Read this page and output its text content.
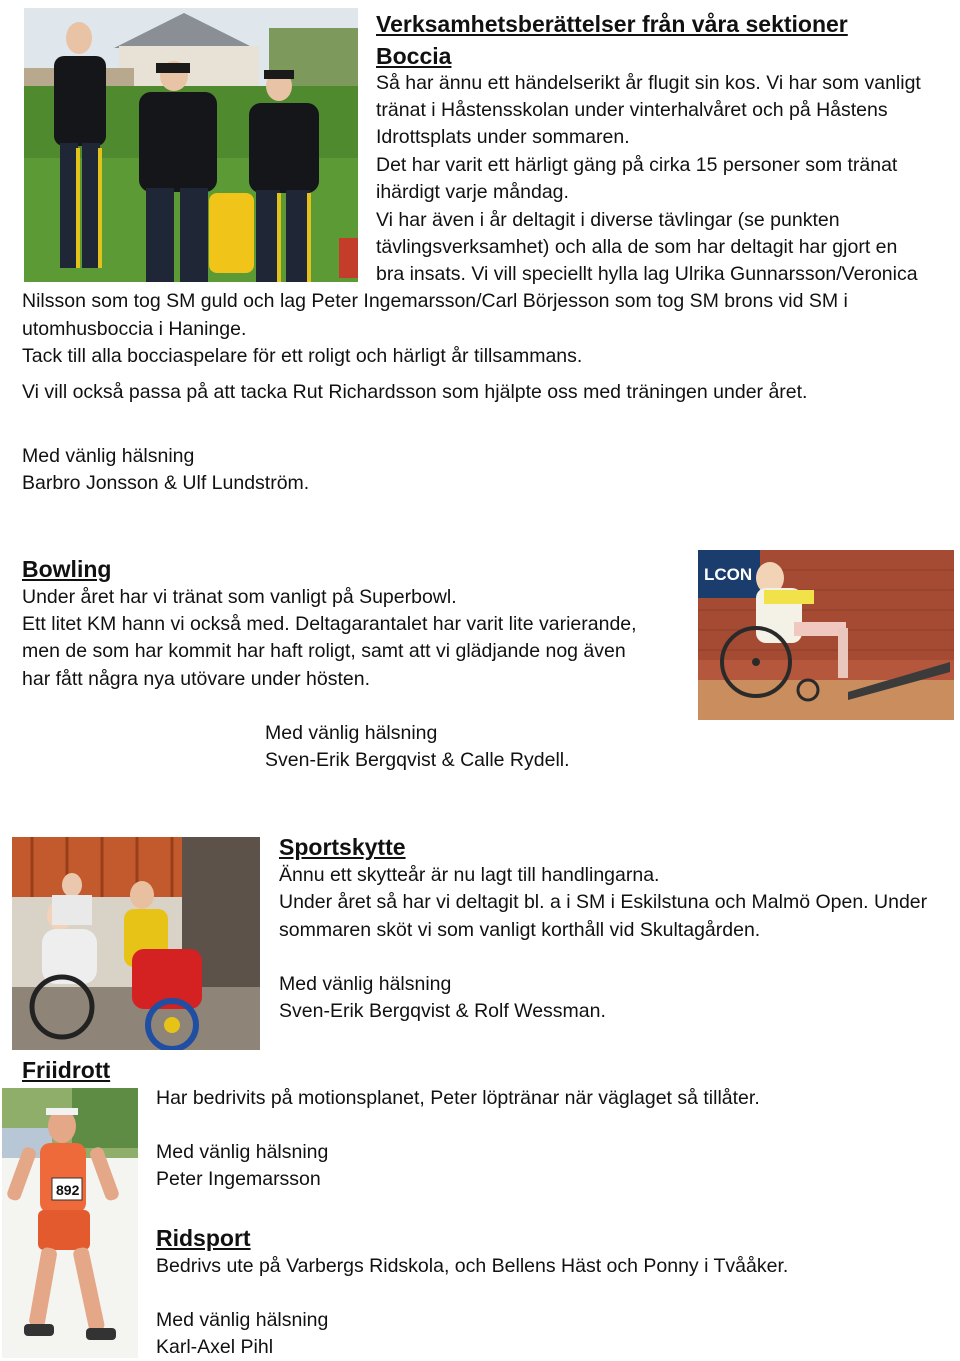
Verksamhetsberättelser från våra sektioner
Boccia
Så har ännu ett händelserikt år flugit sin kos. Vi har som vanligt
tränat i Håstensskolan under vinterhalvåret och på Håstens
Idrottsplats under sommaren.
Det har varit ett härligt gäng på cirka 15 personer som tränat
ihärdigt varje måndag.
Vi har även i år deltagit i diverse tävlingar (se punkten
tävlingsverksamhet) och alla de som har deltagit har gjort en
bra insats. Vi vill speciellt hylla lag Ulrika Gunnarsson/Veronica
Nilsson som tog SM guld och lag Peter Ingemarsson/Carl Börjesson som tog SM brons vid SM i
utomhusboccia i Haninge.
Tack till alla bocciaspelare för ett roligt och härligt år tillsammans.
Vi vill också passa på att tacka Rut Richardsson som hjälpte oss med träningen under året.
Med vänlig hälsning
Barbro Jonsson & Ulf Lundström.
Bowling
Under året har vi tränat som vanligt på Superbowl.
Ett litet KM hann vi också med. Deltagarantalet har varit lite varierande,
men de som har kommit har haft roligt, samt att vi glädjande nog även
har fått några nya utövare under hösten.
Med vänlig hälsning
Sven-Erik Bergqvist & Calle Rydell.
LCON
Sportskytte
Ännu ett skytteår är nu lagt till handlingarna.
Under året så har vi deltagit bl. a i SM i Eskilstuna och Malmö Open. Under
sommaren sköt vi som vanligt korthåll vid Skultagården.
Med vänlig hälsning
Sven-Erik Bergqvist & Rolf Wessman.
Friidrott
892
Har bedrivits på motionsplanet, Peter löptränar när väglaget så tillåter.
Med vänlig hälsning
Peter Ingemarsson
Ridsport
Bedrivs ute på Varbergs Ridskola, och Bellens Häst och Ponny i Tvååker.
Med vänlig hälsning
Karl-Axel Pihl
